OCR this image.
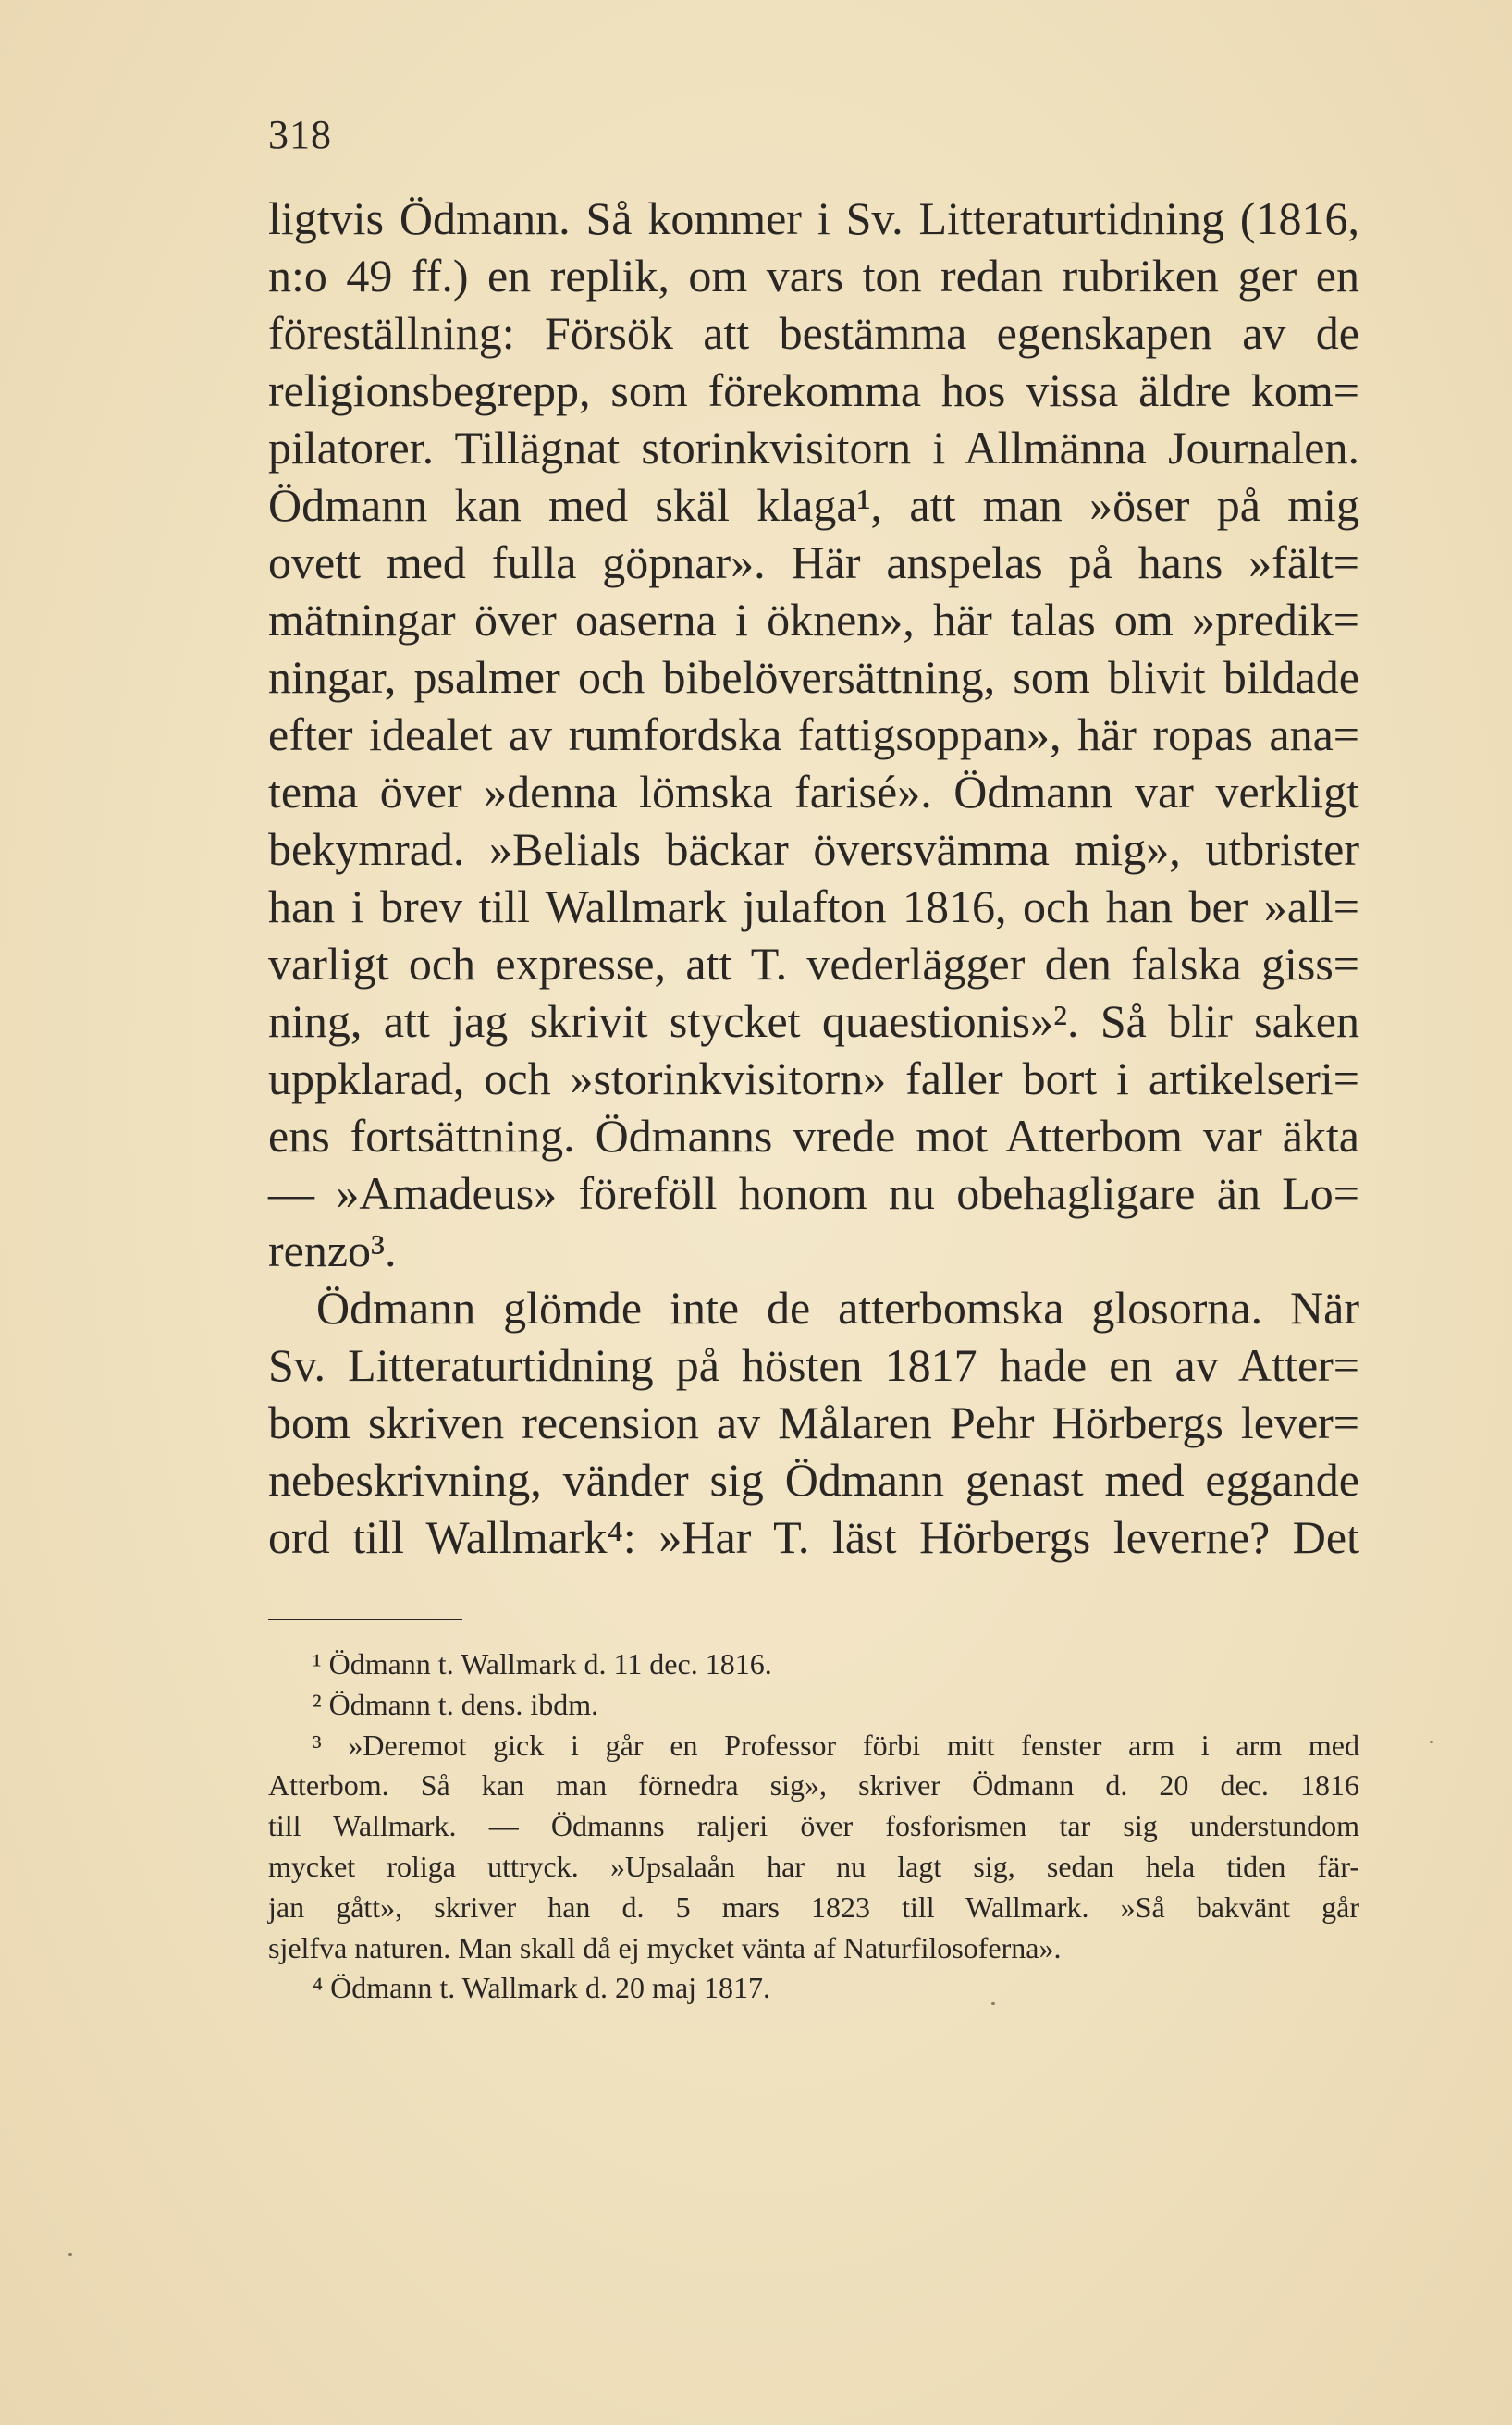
318
ligtvis Ödmann. Så kommer i Sv. Litteraturtidning (1816,
n:o 49 ff.) en replik, om vars ton redan rubriken ger en
föreställning: Försök att bestämma egenskapen av de
religionsbegrepp, som förekomma hos vissa äldre kom=
pilatorer. Tillägnat storinkvisitorn i Allmänna Journalen.
Ödmann kan med skäl klaga¹, att man »öser på mig
ovett med fulla göpnar». Här anspelas på hans »fält=
mätningar över oaserna i öknen», här talas om »predik=
ningar, psalmer och bibelöversättning, som blivit bildade
efter idealet av rumfordska fattigsoppan», här ropas ana=
tema över »denna lömska farisé». Ödmann var verkligt
bekymrad. »Belials bäckar översvämma mig», utbrister
han i brev till Wallmark julafton 1816, och han ber »all=
varligt och expresse, att T. vederlägger den falska giss=
ning, att jag skrivit stycket quaestionis»². Så blir saken
uppklarad, och »storinkvisitorn» faller bort i artikelseri=
ens fortsättning. Ödmanns vrede mot Atterbom var äkta
— »Amadeus» föreföll honom nu obehagligare än Lo=
renzo³.
Ödmann glömde inte de atterbomska glosorna. När
Sv. Litteraturtidning på hösten 1817 hade en av Atter=
bom skriven recension av Målaren Pehr Hörbergs lever=
nebeskrivning, vänder sig Ödmann genast med eggande
ord till Wallmark⁴: »Har T. läst Hörbergs leverne? Det
¹ Ödmann t. Wallmark d. 11 dec. 1816.
² Ödmann t. dens. ibdm.
³ »Deremot gick i går en Professor förbi mitt fenster arm i arm med
Atterbom. Så kan man förnedra sig», skriver Ödmann d. 20 dec. 1816
till Wallmark. — Ödmanns raljeri över fosforismen tar sig understundom
mycket roliga uttryck. »Upsalaån har nu lagt sig, sedan hela tiden fär-
jan gått», skriver han d. 5 mars 1823 till Wallmark. »Så bakvänt går
sjelfva naturen. Man skall då ej mycket vänta af Naturfilosoferna».
⁴ Ödmann t. Wallmark d. 20 maj 1817.
